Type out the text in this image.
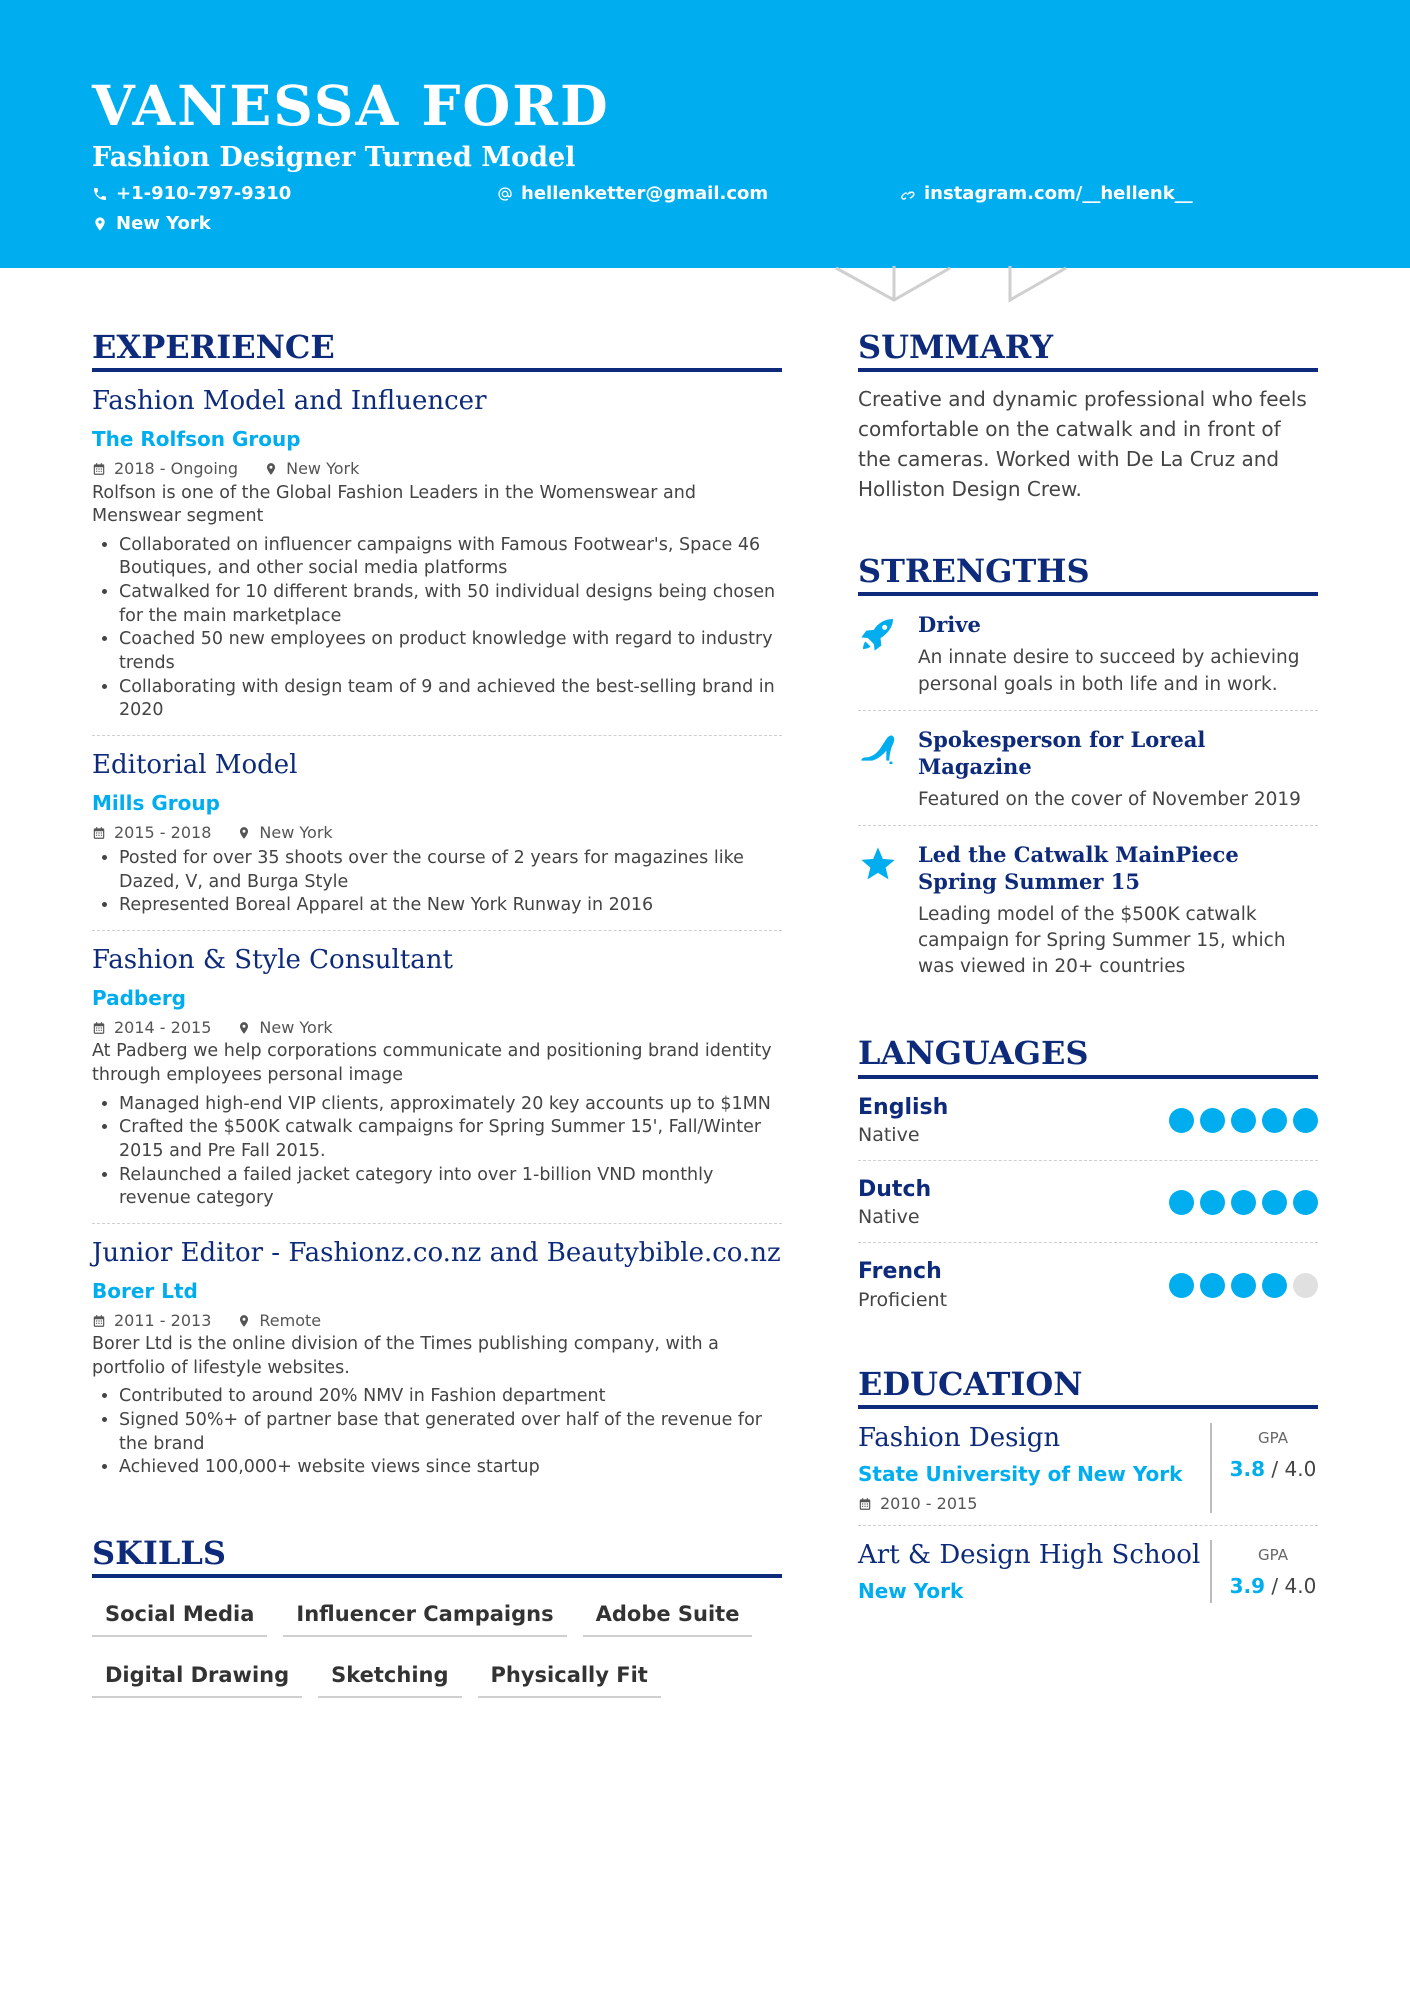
VANESSA FORD
Fashion Designer Turned Model
+1-910-797-9310	hellenketter@gmail.com	instagram.com/__hellenk__
New York
EXPERIENCE
Fashion Model and Influencer
The Rolfson Group
2018 - Ongoing	New York
Rolfson is one of the Global Fashion Leaders in the Womenswear and Menswear segment
• Collaborated on influencer campaigns with Famous Footwear's, Space 46 Boutiques, and other social media platforms
• Catwalked for 10 different brands, with 50 individual designs being chosen for the main marketplace
• Coached 50 new employees on product knowledge with regard to industry trends
• Collaborating with design team of 9 and achieved the best-selling brand in 2020
Editorial Model
Mills Group
2015 - 2018	New York
• Posted for over 35 shoots over the course of 2 years for magazines like Dazed, V, and Burga Style
• Represented Boreal Apparel at the New York Runway in 2016
Fashion & Style Consultant
Padberg
2014 - 2015	New York
At Padberg we help corporations communicate and positioning brand identity through employees personal image
• Managed high-end VIP clients, approximately 20 key accounts up to $1MN
• Crafted the $500K catwalk campaigns for Spring Summer 15', Fall/Winter 2015 and Pre Fall 2015.
• Relaunched a failed jacket category into over 1-billion VND monthly revenue category
Junior Editor - Fashionz.co.nz and Beautybible.co.nz
Borer Ltd
2011 - 2013	Remote
Borer Ltd is the online division of the Times publishing company, with a portfolio of lifestyle websites.
• Contributed to around 20% NMV in Fashion department
• Signed 50%+ of partner base that generated over half of the revenue for the brand
• Achieved 100,000+ website views since startup
SKILLS
Social Media	Influencer Campaigns	Adobe Suite
Digital Drawing	Sketching	Physically Fit
SUMMARY
Creative and dynamic professional who feels comfortable on the catwalk and in front of the cameras. Worked with De La Cruz and Holliston Design Crew.
STRENGTHS
Drive
An innate desire to succeed by achieving personal goals in both life and in work.
Spokesperson for Loreal Magazine
Featured on the cover of November 2019
Led the Catwalk MainPiece Spring Summer 15
Leading model of the $500K catwalk campaign for Spring Summer 15, which was viewed in 20+ countries
LANGUAGES
English
Native
Dutch
Native
French
Proficient
EDUCATION
Fashion Design
State University of New York
2010 - 2015
GPA
3.8 / 4.0
Art & Design High School
New York
GPA
3.9 / 4.0
